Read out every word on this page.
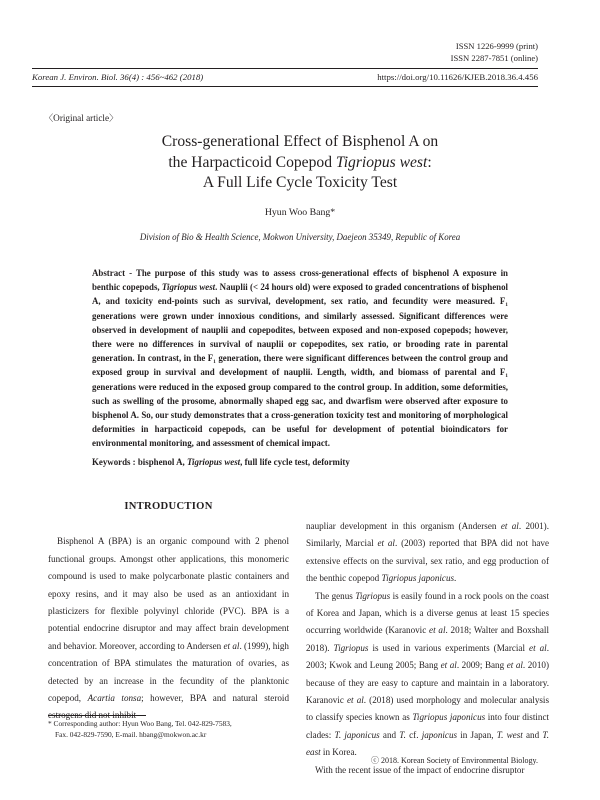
ISSN 1226-9999 (print)
ISSN 2287-7851 (online)
Korean J. Environ. Biol. 36(4) : 456~462 (2018)	https://doi.org/10.11626/KJEB.2018.36.4.456
〈Original article〉
Cross-generational Effect of Bisphenol A on
the Harpacticoid Copepod Tigriopus west:
A Full Life Cycle Toxicity Test
Hyun Woo Bang*
Division of Bio & Health Science, Mokwon University, Daejeon 35349, Republic of Korea
Abstract - The purpose of this study was to assess cross-generational effects of bisphenol A exposure in benthic copepods, Tigriopus west. Nauplii (< 24 hours old) were exposed to graded concentrations of bisphenol A, and toxicity end-points such as survival, development, sex ratio, and fecundity were measured. F₁ generations were grown under innoxious conditions, and similarly assessed. Significant differences were observed in development of nauplii and copepodites, between exposed and non-exposed copepods; however, there were no differences in survival of nauplii or copepodites, sex ratio, or brooding rate in parental generation. In contrast, in the F₁ generation, there were significant differences between the control group and exposed group in survival and development of nauplii. Length, width, and biomass of parental and F₁ generations were reduced in the exposed group compared to the control group. In addition, some deformities, such as swelling of the prosome, abnormally shaped egg sac, and dwarfism were observed after exposure to bisphenol A. So, our study demonstrates that a cross-generation toxicity test and monitoring of morphological deformities in harpacticoid copepods, can be useful for development of potential bioindicators for environmental monitoring, and assessment of chemical impact.
Keywords : bisphenol A, Tigriopus west, full life cycle test, deformity
INTRODUCTION

Bisphenol A (BPA) is an organic compound with 2 phenol functional groups. Amongst other applications, this monomeric compound is used to make polycarbonate plastic containers and epoxy resins, and it may also be used as an antioxidant in plasticizers for flexible polyvinyl chloride (PVC). BPA is a potential endocrine disruptor and may affect brain development and behavior. Moreover, according to Andersen et al. (1999), high concentration of BPA stimulates the maturation of ovaries, as detected by an increase in the fecundity of the planktonic copepod, Acartia tonsa; however, BPA and natural steroid estrogens did not inhibit

naupliar development in this organism (Andersen et al. 2001). Similarly, Marcial et al. (2003) reported that BPA did not have extensive effects on the survival, sex ratio, and egg production of the benthic copepod Tigriopus japonicus.

The genus Tigriopus is easily found in a rock pools on the coast of Korea and Japan, which is a diverse genus at least 15 species occurring worldwide (Karanovic et al. 2018; Walter and Boxshall 2018). Tigriopus is used in various experiments (Marcial et al. 2003; Kwok and Leung 2005; Bang et al. 2009; Bang et al. 2010) because of they are easy to capture and maintain in a laboratory. Karanovic et al. (2018) used morphology and molecular analysis to classify species known as Tigriopus japonicus into four distinct clades: T. japonicus and T. cf. japonicus in Japan, T. west and T. east in Korea.

With the recent issue of the impact of endocrine disruptor

* Corresponding author: Hyun Woo Bang, Tel. 042-829-7583,
Fax. 042-829-7590, E-mail. hbang@mokwon.ac.kr
ⓒ 2018. Korean Society of Environmental Biology.
